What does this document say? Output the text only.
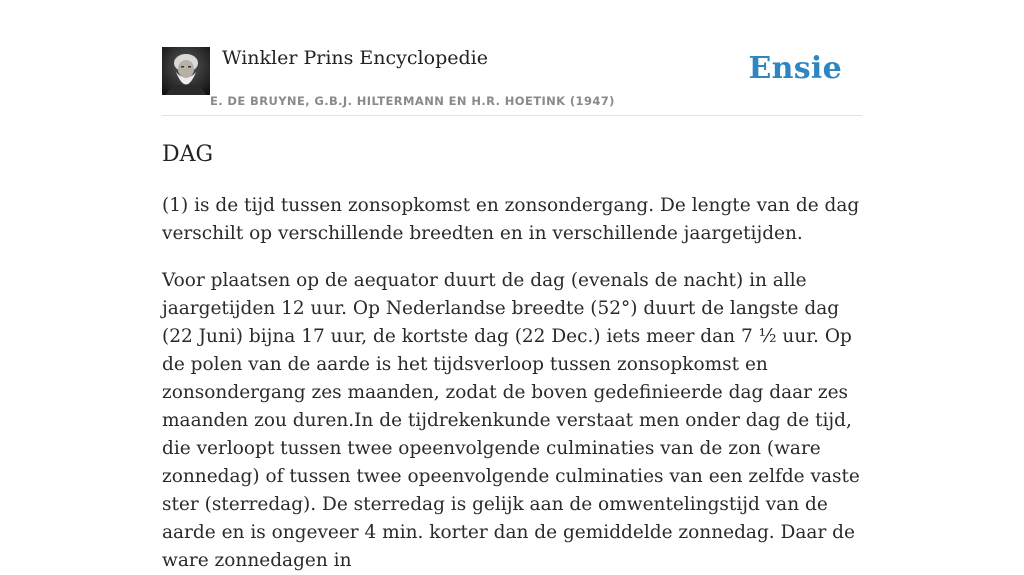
Winkler Prins Encyclopedie
E. DE BRUYNE, G.B.J. HILTERMANN EN H.R. HOETINK (1947)
Ensie
DAG

(1) is de tijd tussen zonsopkomst en zonsondergang. De lengte van de dag verschilt op verschillende breedten en in verschillende jaargetijden.

Voor plaatsen op de aequator duurt de dag (evenals de nacht) in alle jaargetijden 12 uur. Op Nederlandse breedte (52°) duurt de langste dag (22 Juni) bijna 17 uur, de kortste dag (22 Dec.) iets meer dan 7 ½ uur. Op de polen van de aarde is het tijdsverloop tussen zonsopkomst en zonsondergang zes maanden, zodat de boven gedefinieerde dag daar zes maanden zou duren.In de tijdrekenkunde verstaat men onder dag de tijd, die verloopt tussen twee opeenvolgende culminaties van de zon (ware zonnedag) of tussen twee opeenvolgende culminaties van een zelfde vaste ster (sterredag). De sterredag is gelijk aan de omwentelingstijd van de aarde en is ongeveer 4 min. korter dan de gemiddelde zonnedag. Daar de ware zonnedagen in
